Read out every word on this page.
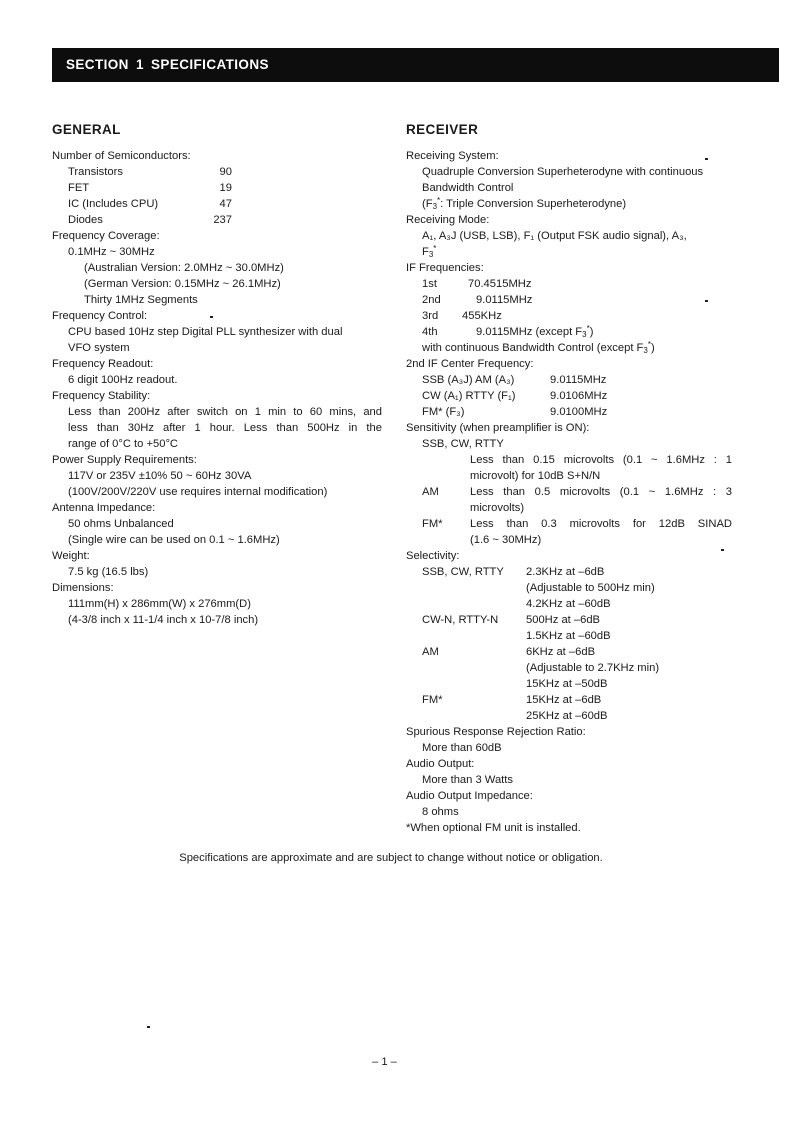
SECTION 1 SPECIFICATIONS
GENERAL
Number of Semiconductors:
Transistors	90
FET	19
IC (Includes CPU)	47
Diodes	237
Frequency Coverage:
0.1MHz ~ 30MHz
(Australian Version: 2.0MHz ~ 30.0MHz)
(German Version: 0.15MHz ~ 26.1MHz)
Thirty 1MHz Segments
Frequency Control:
CPU based 10Hz step Digital PLL synthesizer with dual
VFO system
Frequency Readout:
6 digit 100Hz readout.
Frequency Stability:
Less than 200Hz after switch on 1 min to 60 mins, and
less than 30Hz after 1 hour. Less than 500Hz in the
range of 0°C to +50°C
Power Supply Requirements:
117V or 235V ±10% 50 ~ 60Hz 30VA
(100V/200V/220V use requires internal modification)
Antenna Impedance:
50 ohms Unbalanced
(Single wire can be used on 0.1 ~ 1.6MHz)
Weight:
7.5 kg (16.5 lbs)
Dimensions:
111mm(H) x 286mm(W) x 276mm(D)
(4-3/8 inch x 11-1/4 inch x 10-7/8 inch)
RECEIVER
Receiving System:
Quadruple Conversion Superheterodyne with continuous
Bandwidth Control
($F_3^*$: Triple Conversion Superheterodyne)
Receiving Mode:
A₁, A₃J (USB, LSB), F₁ (Output FSK audio signal), A₃,
$F_3^*$
IF Frequencies:
1st	70.4515MHz
2nd	9.0115MHz
3rd 455KHz
4th	9.0115MHz (except $F_3^*$)
with continuous Bandwidth Control (except $F_3^*$)
2nd IF Center Frequency:
SSB (A₃J) AM (A₃)	9.0115MHz
CW (A₁) RTTY (F₁)	9.0106MHz
FM* (F₃)	9.0100MHz
Sensitivity (when preamplifier is ON):
SSB, CW, RTTY
Less than 0.15 microvolts (0.1 ~ 1.6MHz : 1
microvolt) for 10dB S+N/N
AM	Less than 0.5 microvolts (0.1 ~ 1.6MHz : 3
microvolts)
FM* Less than 0.3 microvolts for 12dB SINAD
(1.6 ~ 30MHz)
Selectivity:
SSB, CW, RTTY 2.3KHz at –6dB
(Adjustable to 500Hz min)
4.2KHz at –60dB
CW-N, RTTY-N 500Hz at –6dB
1.5KHz at –60dB
AM	6KHz at –6dB
(Adjustable to 2.7KHz min)
15KHz at –50dB
FM*	15KHz at –6dB
25KHz at –60dB
Spurious Response Rejection Ratio:
More than 60dB
Audio Output:
More than 3 Watts
Audio Output Impedance:
8 ohms
*When optional FM unit is installed.
Specifications are approximate and are subject to change without notice or obligation.
– 1 –
